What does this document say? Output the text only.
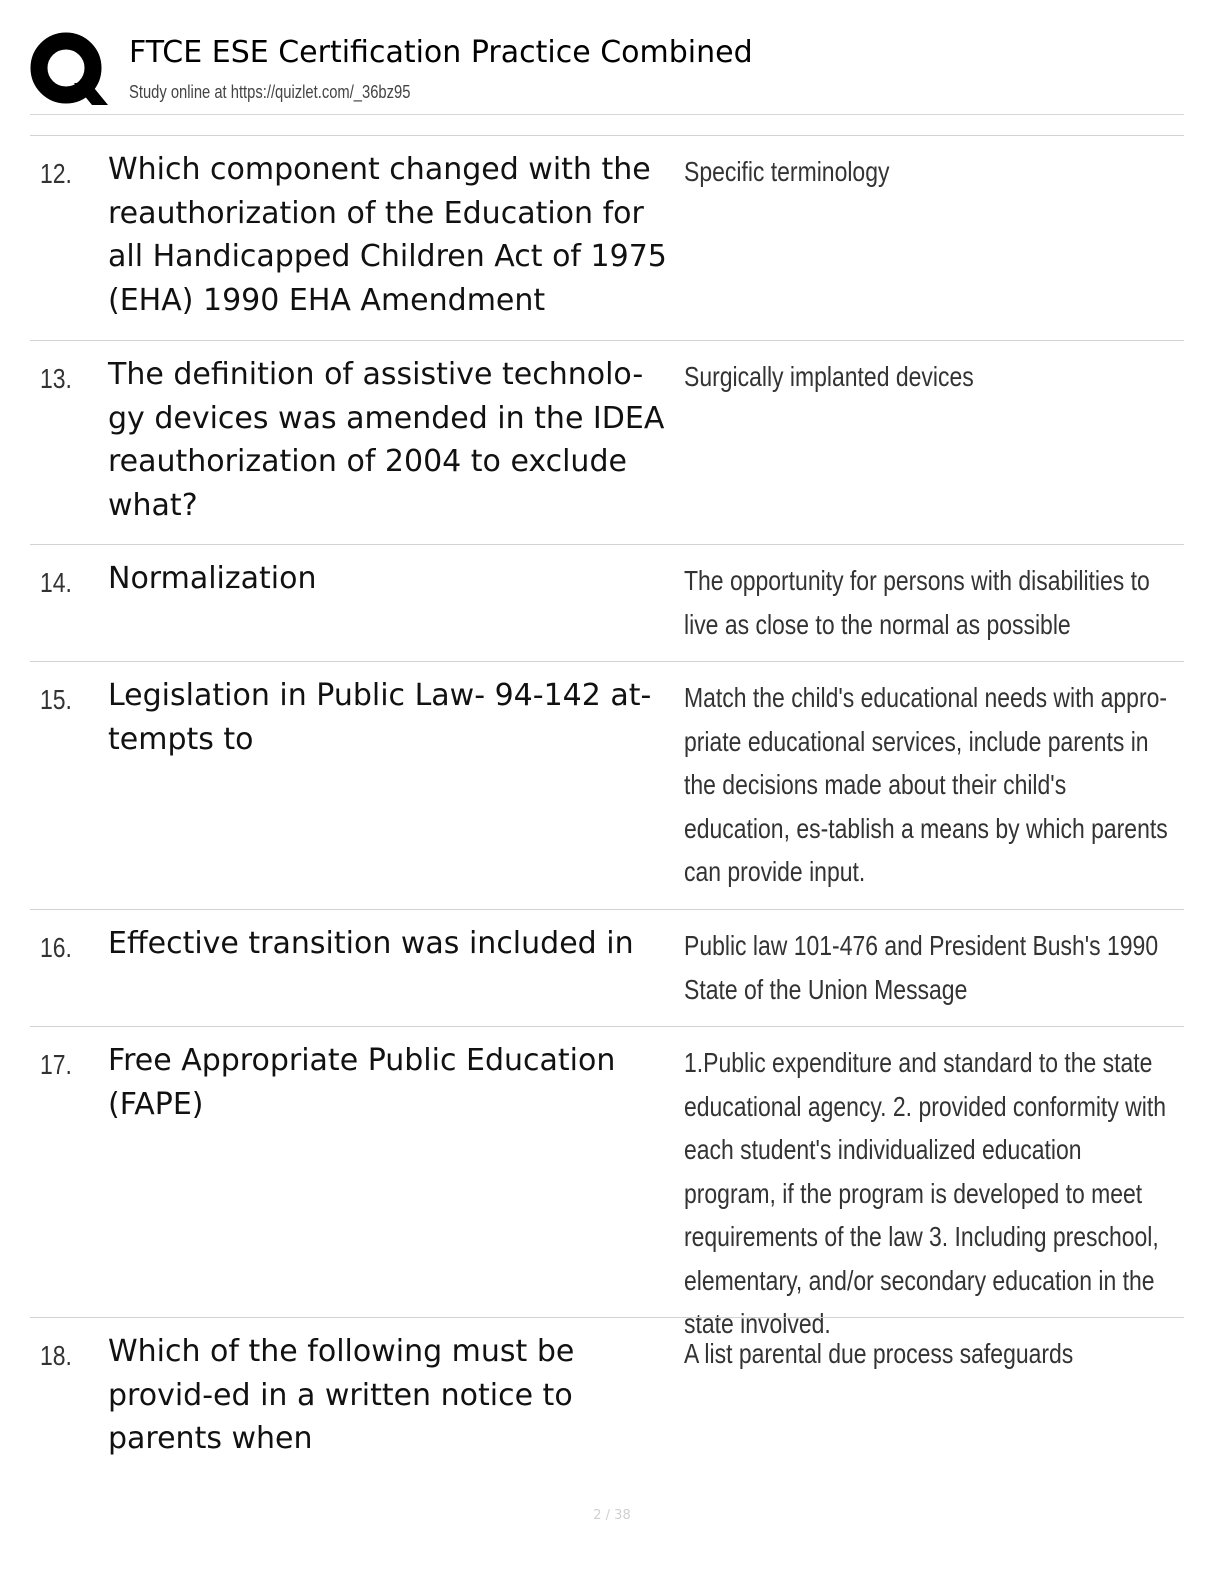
FTCE ESE Certification Practice Combined
Study online at https://quizlet.com/_36bz95
12. Which component changed with the reauthorization of the Education for all Handicapped Children Act of 1975 (EHA) 1990 EHA Amendment
Specific terminology
13. The definition of assistive technolo-gy devices was amended in the IDEA reauthorization of 2004 to exclude what?
Surgically implanted devices
14. Normalization	The opportunity for persons with disabilities to live as close to the normal as possible
15. Legislation in Public Law- 94-142 at-tempts to
Match the child's educational needs with appro-priate educational services, include parents in the decisions made about their child's education, es-tablish a means by which parents can provide input.
16. Effective transition was included in	Public law 101-476 and President Bush's 1990 State of the Union Message
17. Free Appropriate Public Education (FAPE)
1.Public expenditure and standard to the state educational agency. 2. provided conformity with each student's individualized education program, if the program is developed to meet requirements of the law 3. Including preschool, elementary, and/or secondary education in the state involved.
18. Which of the following must be provid-ed in a written notice to parents when
A list parental due process safeguards
2 / 38
